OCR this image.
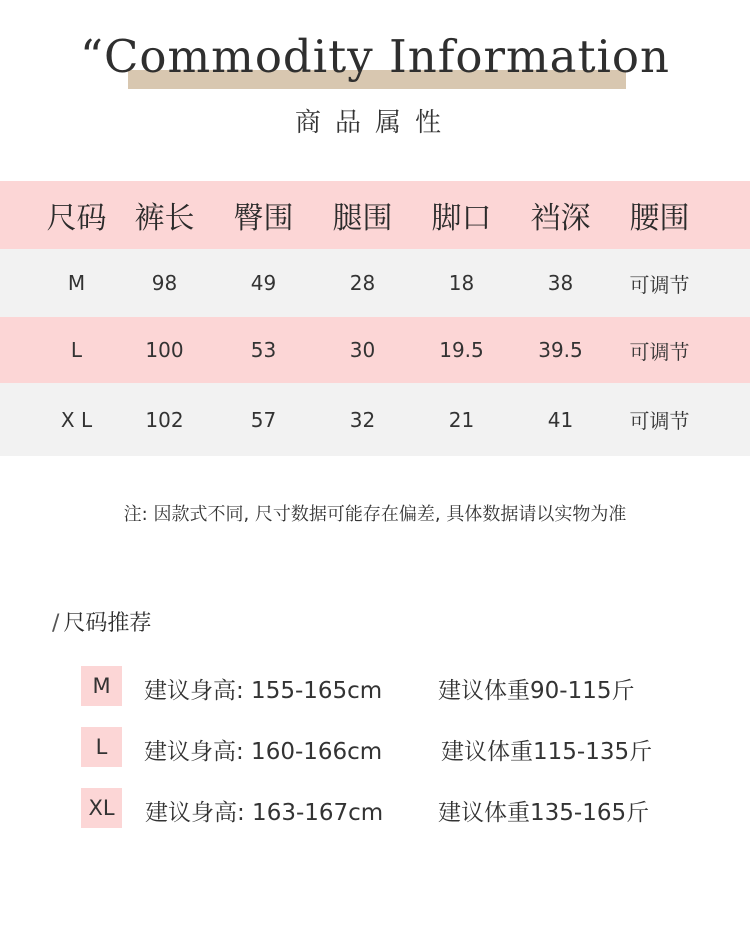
“Commodity Information
商品属性
尺码 裤长	臀围	腿围	脚口	裆深	腰围
M	98	49	28	18	38	可调节
L	100	53	30	19.5	39.5	可调节
X L	102	57	32	21	41	可调节
注: 因款式不同, 尺寸数据可能存在偏差, 具体数据请以实物为准
/ 尺码推荐
M	建议身高: 155-165cm 建议体重90-115斤
L	建议身高: 160-166cm	建议体重115-135斤
XL	建议身高: 163-167cm 建议体重135-165斤
